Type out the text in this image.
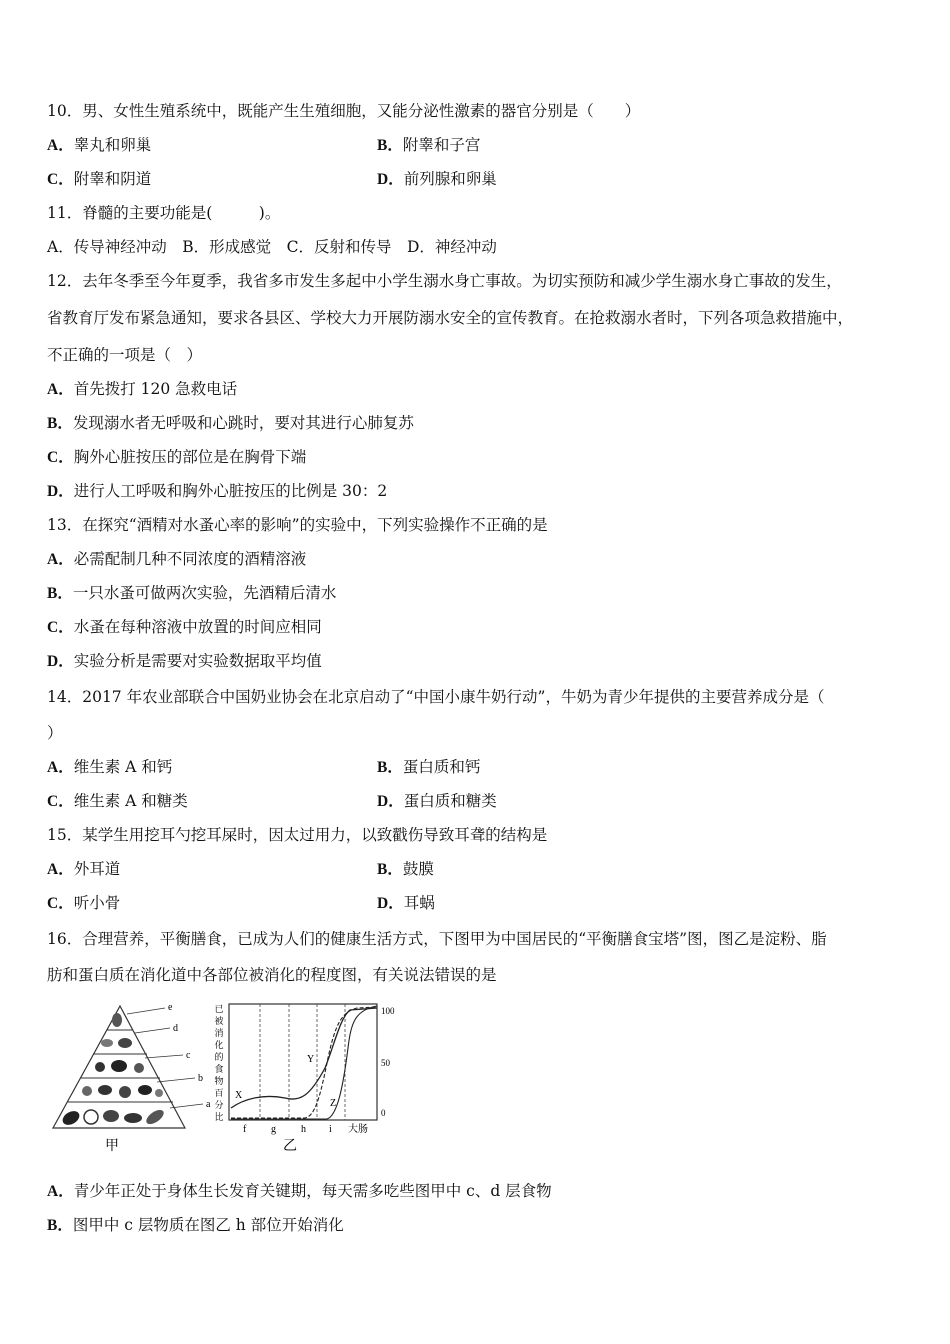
10．男、女性生殖系统中，既能产生生殖细胞，又能分泌性激素的器官分别是（　　）
A．睾丸和卵巢	B．附睾和子宫
C．附睾和阴道	D．前列腺和卵巢
11．脊髓的主要功能是(　　　)。
A．传导神经冲动　B．形成感觉　C．反射和传导　D．神经冲动
12．去年冬季至今年夏季，我省多市发生多起中小学生溺水身亡事故。为切实预防和减少学生溺水身亡事故的发生，
省教育厅发布紧急通知，要求各县区、学校大力开展防溺水安全的宣传教育。在抢救溺水者时，下列各项急救措施中，
不正确的一项是（　）
A．首先拨打 120 急救电话
B．发现溺水者无呼吸和心跳时，要对其进行心肺复苏
C．胸外心脏按压的部位是在胸骨下端
D．进行人工呼吸和胸外心脏按压的比例是 30：2
13．在探究“酒精对水蚤心率的影响”的实验中，下列实验操作不正确的是
A．必需配制几种不同浓度的酒精溶液
B．一只水蚤可做两次实验，先酒精后清水
C．水蚤在每种溶液中放置的时间应相同
D．实验分析是需要对实验数据取平均值
14．2017 年农业部联合中国奶业协会在北京启动了“中国小康牛奶行动”，牛奶为青少年提供的主要营养成分是（
）
A．维生素 A 和钙	B．蛋白质和钙
C．维生素 A 和糖类	D．蛋白质和糖类
15．某学生用挖耳勺挖耳屎时，因太过用力，以致戳伤导致耳聋的结构是
A．外耳道	B．鼓膜
C．听小骨	D．耳蜗
16．合理营养，平衡膳食，已成为人们的健康生活方式，下图甲为中国居民的“平衡膳食宝塔”图，图乙是淀粉、脂
肪和蛋白质在消化道中各部位被消化的程度图，有关说法错误的是
e
d
c
b
a
甲
已被消化的食物百分比
X
Y
Z
100
50
0
f g	h i 大肠
乙
A．青少年正处于身体生长发育关键期，每天需多吃些图甲中 c、d 层食物
B．图甲中 c 层物质在图乙 h 部位开始消化
